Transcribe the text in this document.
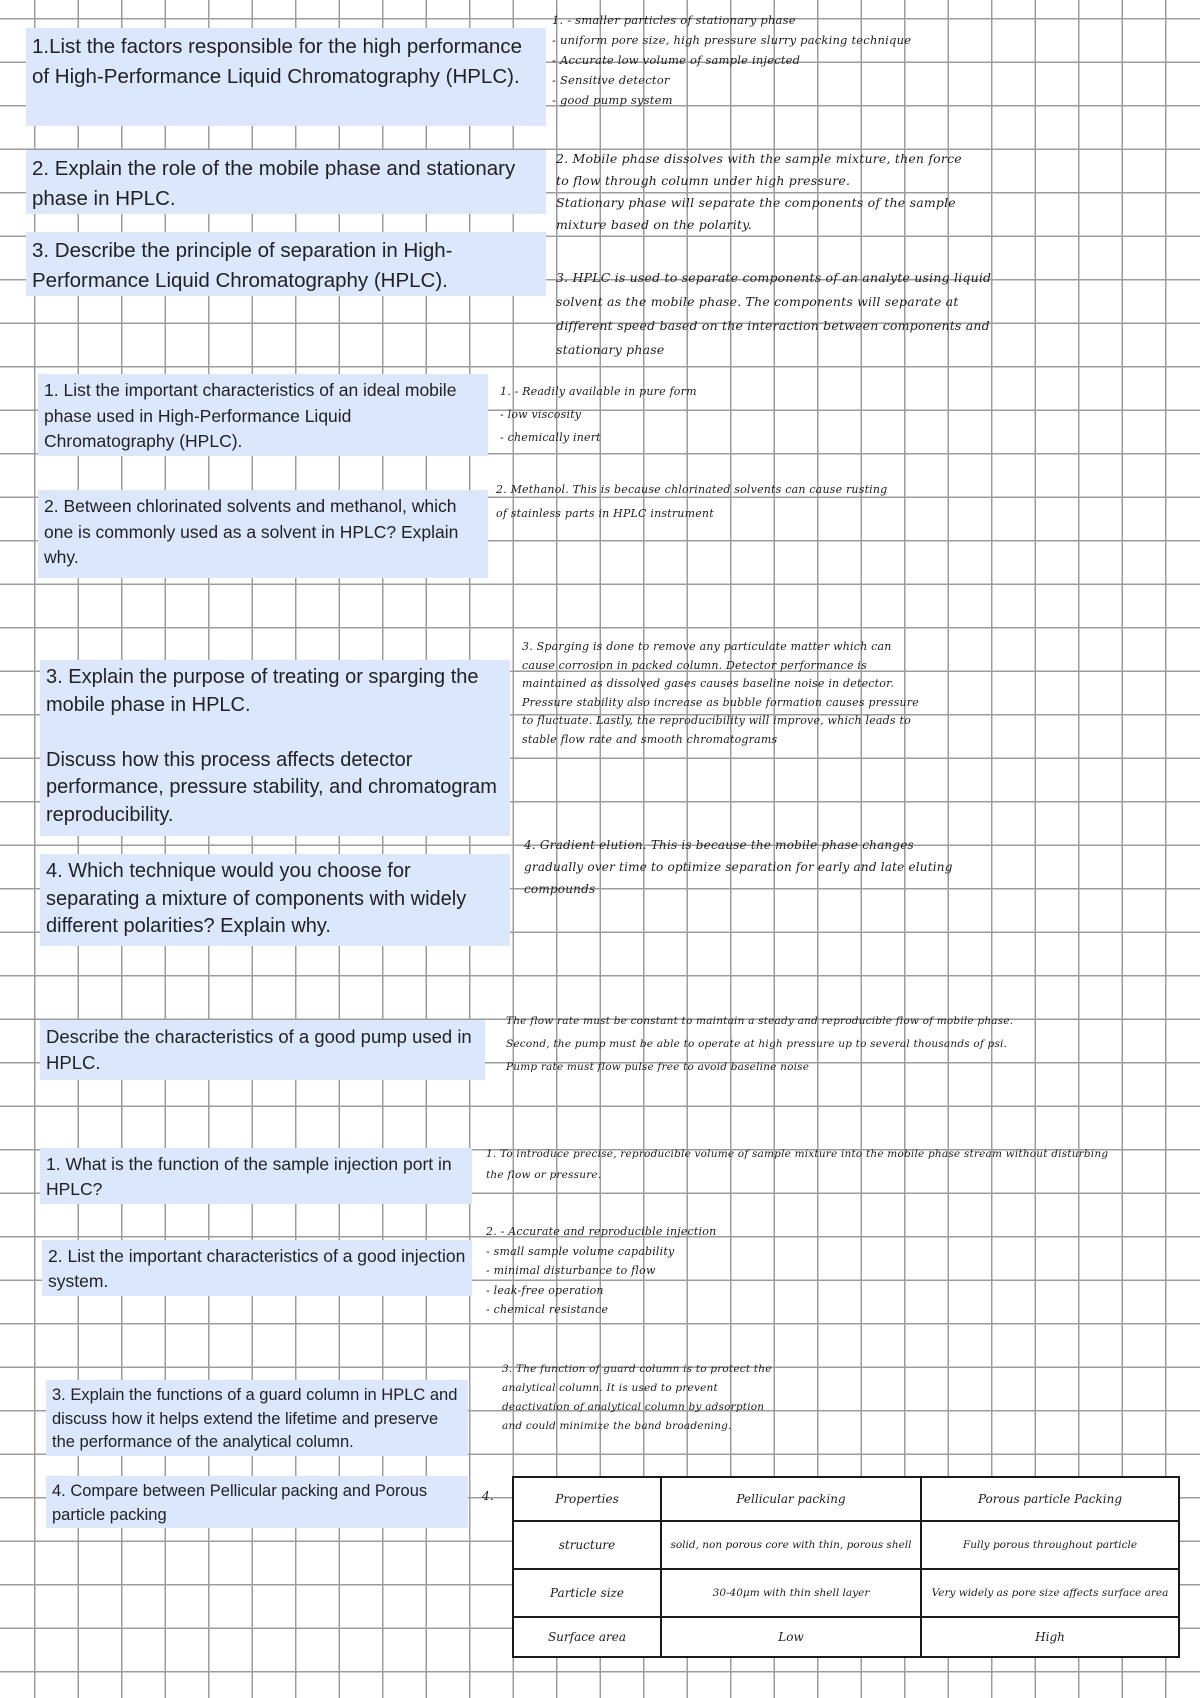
1.List the factors responsible for the high performance of High-Performance Liquid Chromatography (HPLC).
2. Explain the role of the mobile phase and stationary phase in HPLC.
3. Describe the principle of separation in High-Performance Liquid Chromatography (HPLC).
1. - smaller particles of stationary phase
- uniform pore size, high pressure slurry packing technique
- Accurate low volume of sample injected
- Sensitive detector
- good pump system
2. Mobile phase dissolves with the sample mixture, then force to flow through column under high pressure.
Stationary phase will separate the components of the sample mixture based on the polarity.
3. HPLC is used to separate components of an analyte using liquid solvent as the mobile phase. The components will separate at different speed based on the interaction between components and stationary phase
1. List the important characteristics of an ideal mobile phase used in High-Performance Liquid Chromatography (HPLC).
2. Between chlorinated solvents and methanol, which one is commonly used as a solvent in HPLC? Explain why.
1. - Readily available in pure form
- low viscosity
- chemically inert
2. Methanol. This is because chlorinated solvents can cause rusting of stainless parts in HPLC instrument
3. Explain the purpose of treating or sparging the mobile phase in HPLC.

Discuss how this process affects detector performance, pressure stability, and chromatogram reproducibility.
4. Which technique would you choose for separating a mixture of components with widely different polarities? Explain why.
3. Sparging is done to remove any particulate matter which can cause corrosion in packed column. Detector performance is maintained as dissolved gases causes baseline noise in detector. Pressure stability also increase as bubble formation causes pressure to fluctuate. Lastly, the reproducibility will improve, which leads to stable flow rate and smooth chromatograms
4. Gradient elution. This is because the mobile phase changes gradually over time to optimize separation for early and late eluting compounds
Describe the characteristics of a good pump used in HPLC.
The flow rate must be constant to maintain a steady and reproducible flow of mobile phase.
Second, the pump must be able to operate at high pressure up to several thousands of psi.
Pump rate must flow pulse free to avoid baseline noise
1. What is the function of the sample injection port in HPLC?
2. List the important characteristics of a good injection system.
3. Explain the functions of a guard column in HPLC and discuss how it helps extend the lifetime and preserve the performance of the analytical column.
4. Compare between Pellicular packing and Porous particle packing
1. To introduce precise, reproducible volume of sample mixture into the mobile phase stream without disturbing the flow or pressure.
2. - Accurate and reproducible injection
- small sample volume capability
- minimal disturbance to flow
- leak-free operation
- chemical resistance
3. The function of guard column is to protect the analytical column. It is used to prevent deactivation of analytical column by adsorption and could minimize the band broadening.
4.	Properties	Pellicular packing	Porous particle Packing
structure	solid, non porous core with thin, porous shell	Fully porous throughout particle
Particle size	30-40μm with thin shell layer	Very widely as pore size affects surface area
Surface area	Low	High
